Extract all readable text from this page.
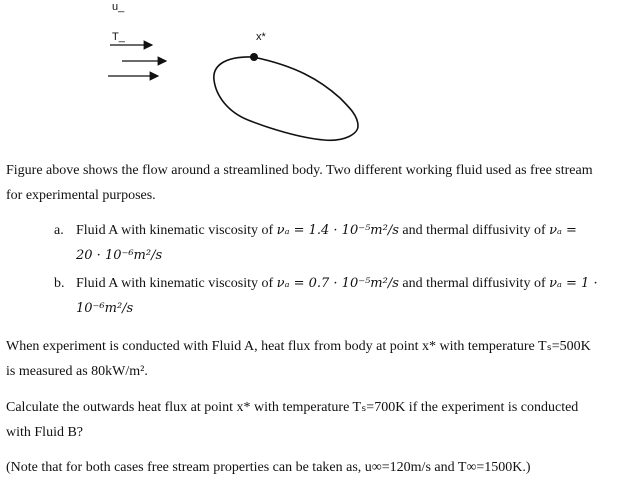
u_
T_	x*
Figure above shows the flow around a streamlined body. Two different working fluid used as free stream
for experimental purposes.
a. Fluid A with kinematic viscosity of νₐ = 1.4 · 10⁻⁵m²/s and thermal diffusivity of νₐ =
20 · 10⁻⁶m²/s
b. Fluid A with kinematic viscosity of νₐ = 0.7 · 10⁻⁵m²/s and thermal diffusivity of νₐ = 1 ·
10⁻⁶m²/s
When experiment is conducted with Fluid A, heat flux from body at point x* with temperature Tₛ=500K
is measured as 80kW/m².
Calculate the outwards heat flux at point x* with temperature Tₛ=700K if the experiment is conducted
with Fluid B?
(Note that for both cases free stream properties can be taken as, u∞=120m/s and T∞=1500K.)
